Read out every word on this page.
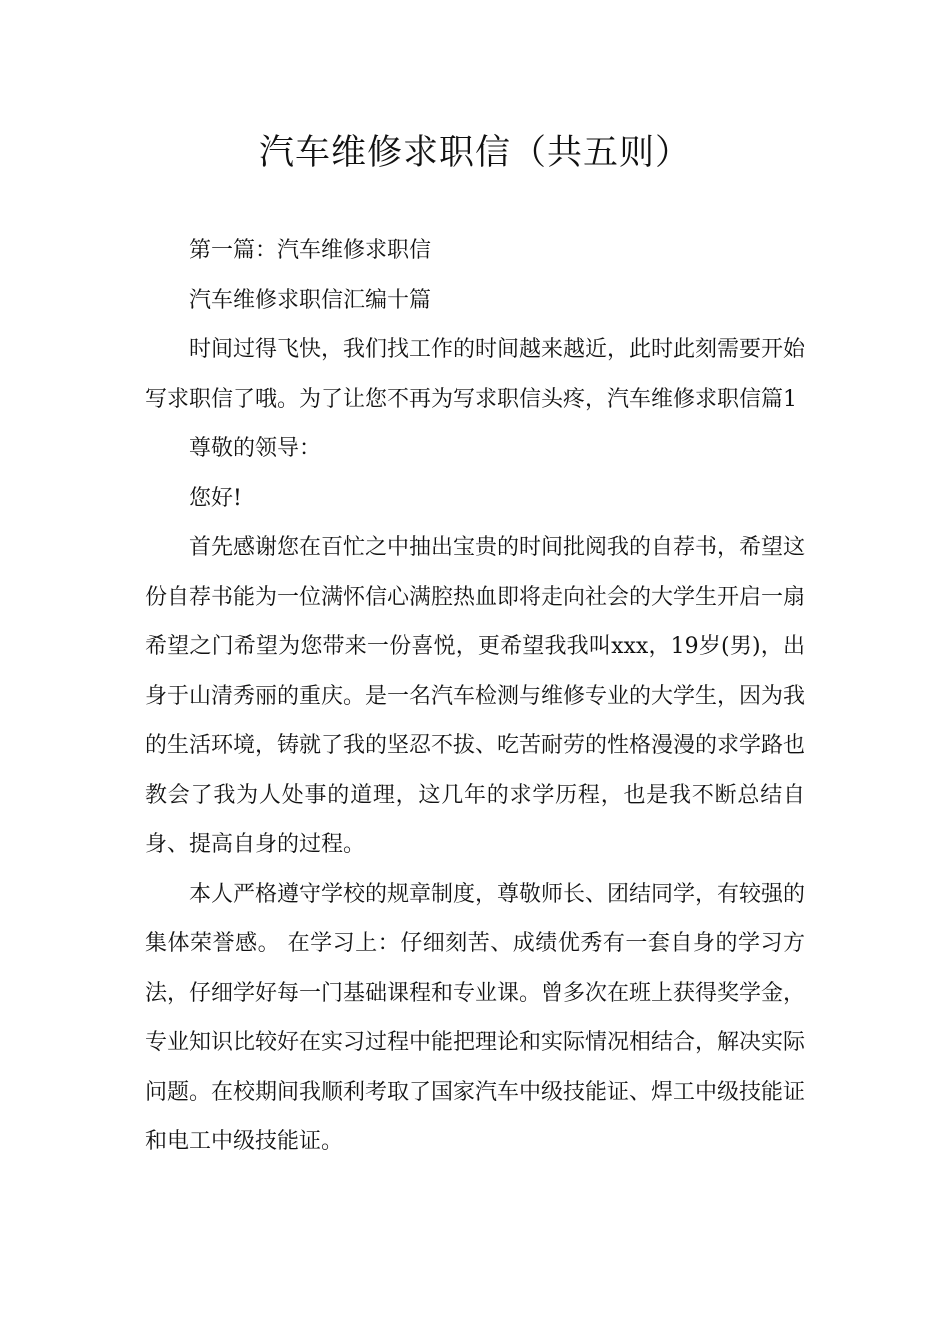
汽车维修求职信（共五则）

第一篇：汽车维修求职信

汽车维修求职信汇编十篇

时间过得飞快，我们找工作的时间越来越近，此时此刻需要开始写求职信了哦。为了让您不再为写求职信头疼，汽车维修求职信篇1

尊敬的领导：

您好!

首先感谢您在百忙之中抽出宝贵的时间批阅我的自荐书，希望这份自荐书能为一位满怀信心满腔热血即将走向社会的大学生开启一扇希望之门希望为您带来一份喜悦，更希望我我叫xxx，19岁(男)，出身于山清秀丽的重庆。是一名汽车检测与维修专业的大学生，因为我的生活环境，铸就了我的坚忍不拔、吃苦耐劳的性格漫漫的求学路也教会了我为人处事的道理，这几年的求学历程，也是我不断总结自身、提高自身的过程。

本人严格遵守学校的规章制度，尊敬师长、团结同学，有较强的集体荣誉感。 在学习上：仔细刻苦、成绩优秀有一套自身的学习方法，仔细学好每一门基础课程和专业课。曾多次在班上获得奖学金，专业知识比较好在实习过程中能把理论和实际情况相结合，解决实际问题。在校期间我顺利考取了国家汽车中级技能证、焊工中级技能证和电工中级技能证。
